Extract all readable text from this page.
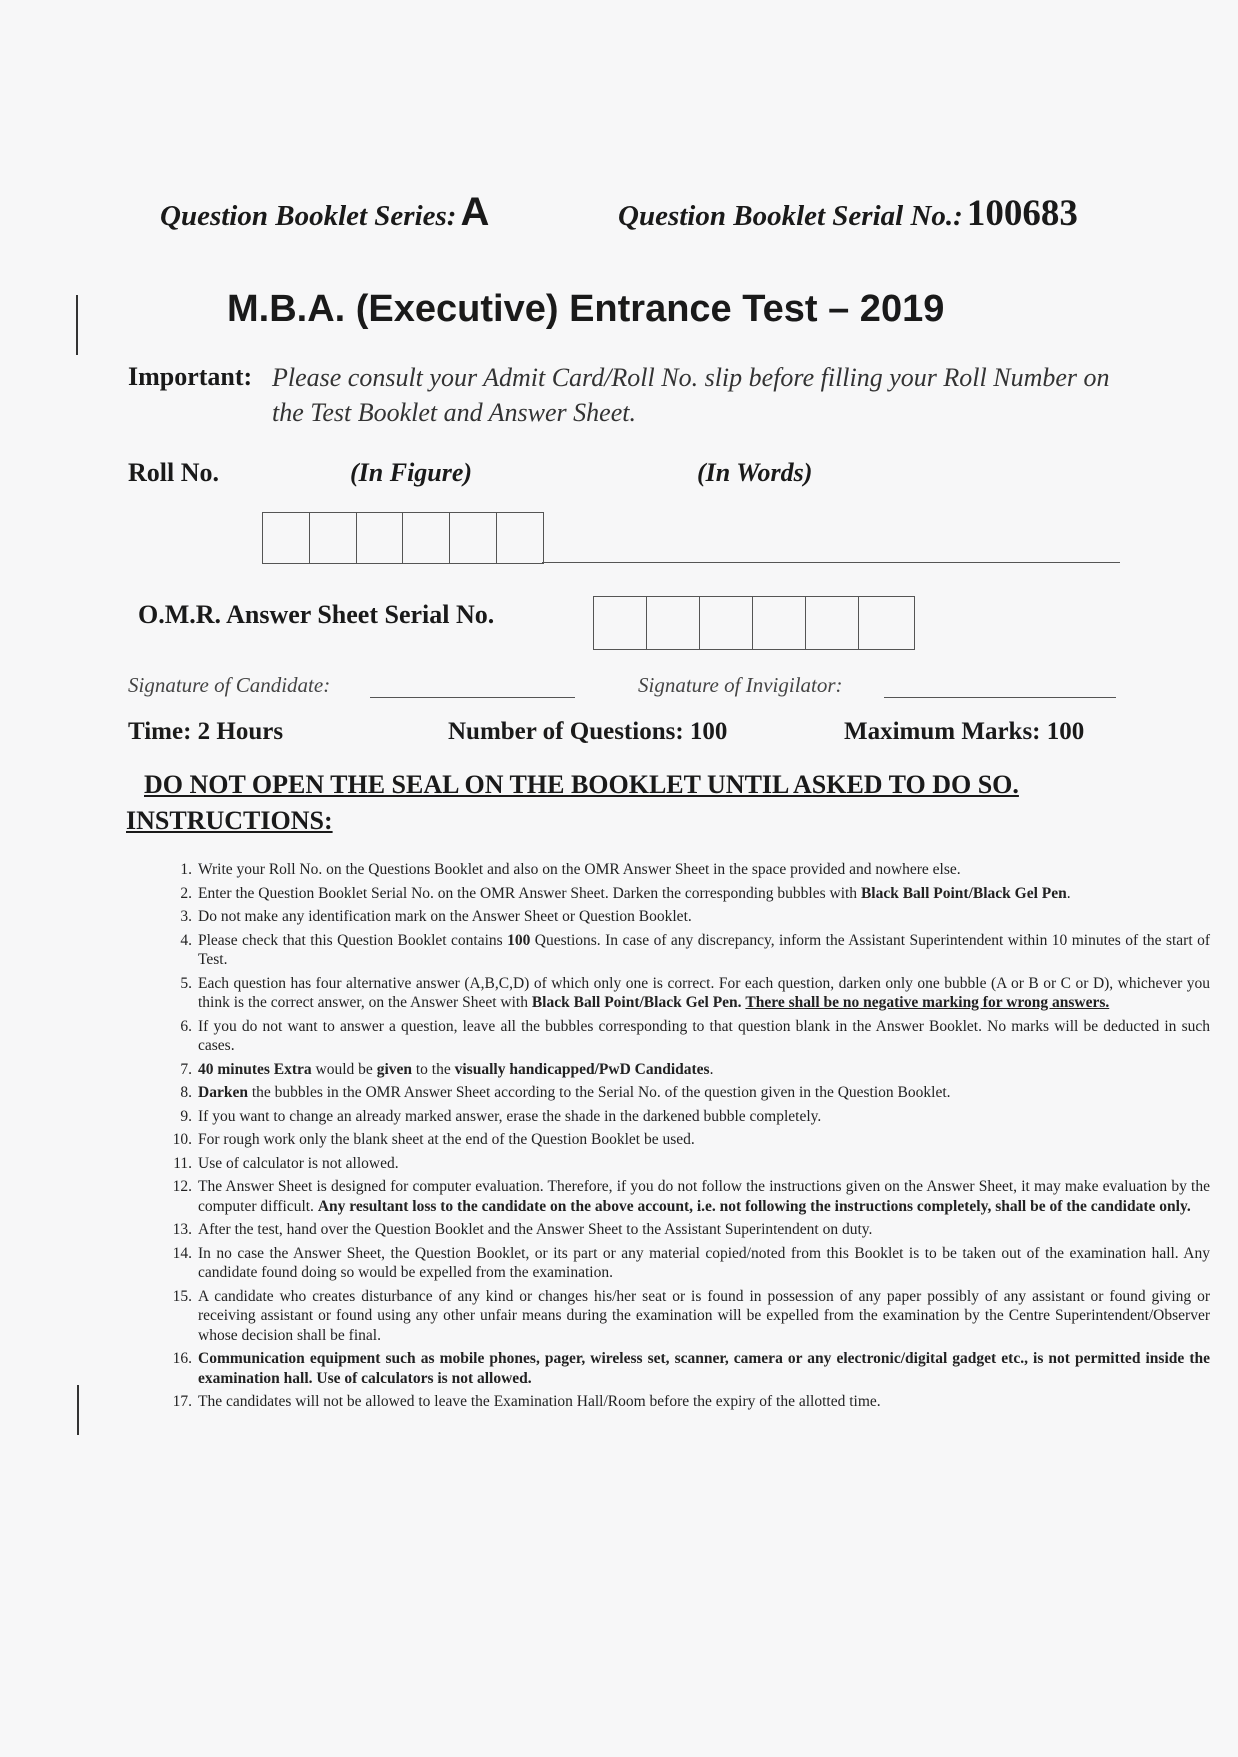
Question Booklet Series: A	Question Booklet Serial No.: 100683
M.B.A. (Executive) Entrance Test – 2019
Important: Please consult your Admit Card/Roll No. slip before filling your Roll Number on the Test Booklet and Answer Sheet.
Roll No.	(In Figure)	(In Words)
O.M.R. Answer Sheet Serial No.
Signature of Candidate:	Signature of Invigilator:
Time: 2 Hours	Number of Questions: 100	Maximum Marks: 100
DO NOT OPEN THE SEAL ON THE BOOKLET UNTIL ASKED TO DO SO.
INSTRUCTIONS:
1. Write your Roll No. on the Questions Booklet and also on the OMR Answer Sheet in the space provided and nowhere else.
2. Enter the Question Booklet Serial No. on the OMR Answer Sheet. Darken the corresponding bubbles with Black Ball Point/Black Gel Pen.
3. Do not make any identification mark on the Answer Sheet or Question Booklet.
4. Please check that this Question Booklet contains 100 Questions. In case of any discrepancy, inform the Assistant Superintendent within 10 minutes of the start of Test.
5. Each question has four alternative answer (A,B,C,D) of which only one is correct. For each question, darken only one bubble (A or B or C or D), whichever you think is the correct answer, on the Answer Sheet with Black Ball Point/Black Gel Pen. There shall be no negative marking for wrong answers.
6. If you do not want to answer a question, leave all the bubbles corresponding to that question blank in the Answer Booklet. No marks will be deducted in such cases.
7. 40 minutes Extra would be given to the visually handicapped/PwD Candidates.
8. Darken the bubbles in the OMR Answer Sheet according to the Serial No. of the question given in the Question Booklet.
9. If you want to change an already marked answer, erase the shade in the darkened bubble completely.
10. For rough work only the blank sheet at the end of the Question Booklet be used.
11. Use of calculator is not allowed.
12. The Answer Sheet is designed for computer evaluation. Therefore, if you do not follow the instructions given on the Answer Sheet, it may make evaluation by the computer difficult. Any resultant loss to the candidate on the above account, i.e. not following the instructions completely, shall be of the candidate only.
13. After the test, hand over the Question Booklet and the Answer Sheet to the Assistant Superintendent on duty.
14. In no case the Answer Sheet, the Question Booklet, or its part or any material copied/noted from this Booklet is to be taken out of the examination hall. Any candidate found doing so would be expelled from the examination.
15. A candidate who creates disturbance of any kind or changes his/her seat or is found in possession of any paper possibly of any assistant or found giving or receiving assistant or found using any other unfair means during the examination will be expelled from the examination by the Centre Superintendent/Observer whose decision shall be final.
16. Communication equipment such as mobile phones, pager, wireless set, scanner, camera or any electronic/digital gadget etc., is not permitted inside the examination hall. Use of calculators is not allowed.
17. The candidates will not be allowed to leave the Examination Hall/Room before the expiry of the allotted time.
